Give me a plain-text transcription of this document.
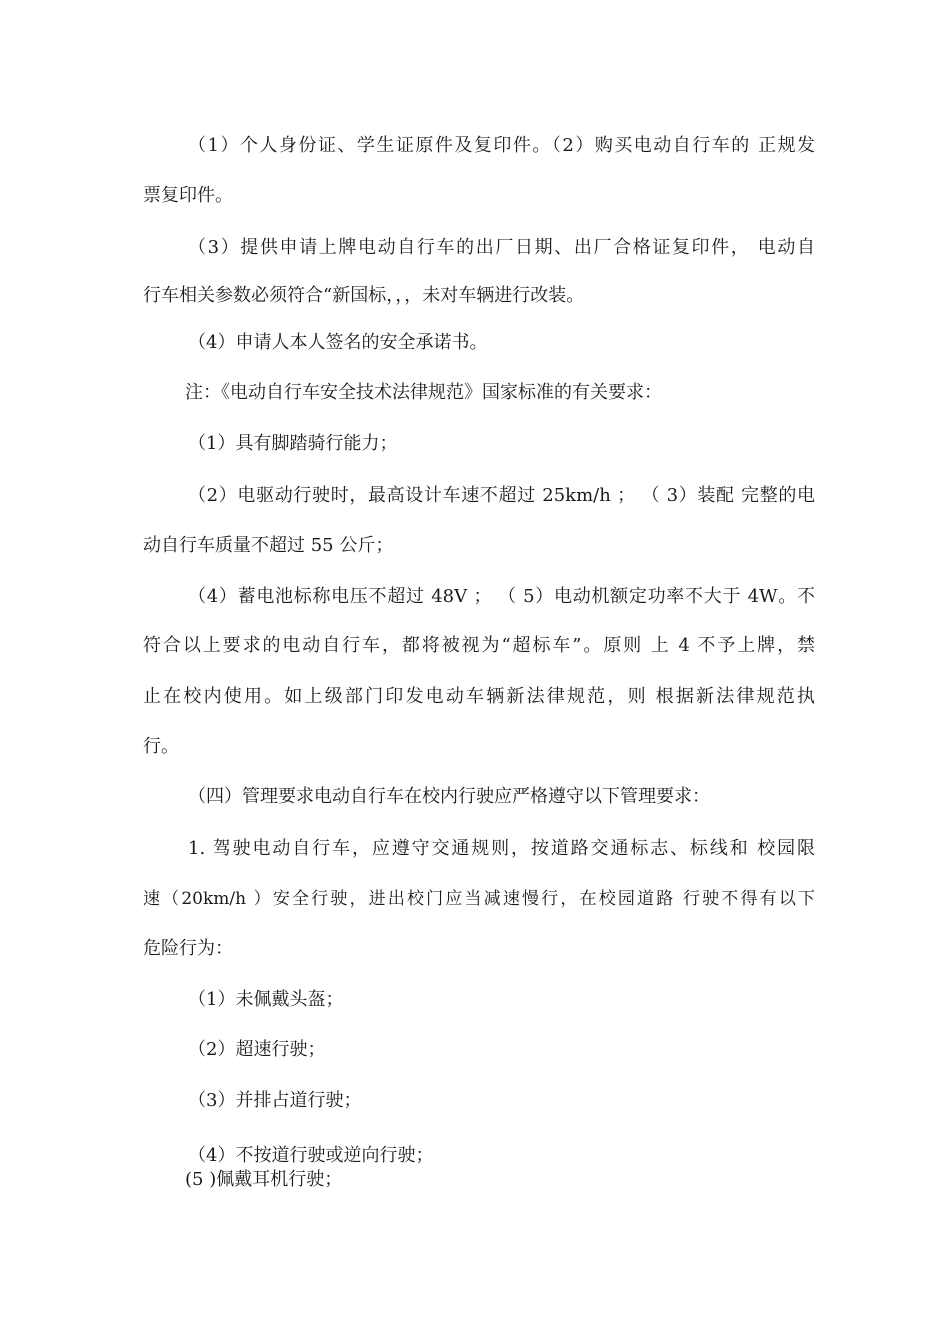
（1）个人身份证、学生证原件及复印件。（2）购买电动自行车的 正规发
票复印件。
（3）提供申请上牌电动自行车的出厂日期、出厂合格证复印件， 电动自
行车相关参数必须符合“新国标，，，未对车辆进行改装。
（4）申请人本人签名的安全承诺书。
注：《电动自行车安全技术法律规范》国家标准的有关要求：
（1）具有脚踏骑行能力；
（2）电驱动行驶时，最高设计车速不超过 25km/h ； （ 3）装配 完整的电
动自行车质量不超过 55 公斤；
（4）蓄电池标称电压不超过 48V ； （ 5）电动机额定功率不大于 4W。不
符合以上要求的电动自行车，都将被视为“超标车”。原则 上 4 不予上牌，禁
止在校内使用。如上级部门印发电动车辆新法律规范，则 根据新法律规范执
行。
（四）管理要求电动自行车在校内行驶应严格遵守以下管理要求：
1. 驾驶电动自行车，应遵守交通规则，按道路交通标志、标线和 校园限
速（20km/h ）安全行驶，进出校门应当减速慢行，在校园道路 行驶不得有以下
危险行为：
（1）未佩戴头盔；
（2）超速行驶；
（3）并排占道行驶；
（4）不按道行驶或逆向行驶；
(5 )佩戴耳机行驶；
